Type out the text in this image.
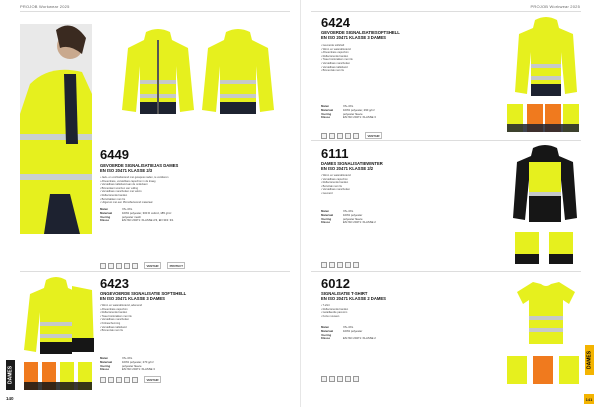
PROJOB Workwear 2025
6449
GEVOERDE SIGNALISATIEJAS DAMES
EN ISO 20471 KLASSE 2/3
• Jack- en vochtafstotend met getapete naden, te ventileren
• Afneembare, verstelbare capuchon in de kraag
• Verstelbare tailleband aan de onderkant
• Binnenkant voorzien van vulling
• Verstelbare manchetten met velcro
• Reflecterende banden
• Borstzakken met rits
• Uitgerust met een 3M-reflecterend materiaal
Maten	XS–3XL
Materiaal	100% polyester, 300 D oxford, 185 g/m²
Voering	polyester mesh
Klasse	EN ISO 20471: KLASSE 2/3, EN 343: 3/1
VENTAIR	PROTECT
6423
ONGEVOERDE SIGNALISATIE SOFTSHELL
EN ISO 20471 KLASSE 3 DAMES
• Wind- en waterafstotend, ademend
• Afneembare capuchon
• Reflecterende banden
• Twee borstzakken met rits
• Verstelbare manchetten
• Kinbescherming
• Verstelbare tailleband
• Binnenzak met rits
Maten	XS–3XL
Materiaal	100% polyester, 270 g/m²
Voering	polyester fleece
Klasse	EN ISO 20471: KLASSE 3
VENTAIR
DAMES
140
PROJOB Workwear 2025
6424
GEVOERDE SIGNALISATIESOFTSHELL
EN ISO 20471 KLASSE 3 DAMES
• Gevoerde softshell
• Wind- en waterafstotend
• Afneembare capuchon
• Reflecterende banden
• Twee borstzakken met rits
• Verstelbare manchetten
• Verstelbare tailleband
• Binnenzak met rits
Maten	XS–3XL
Materiaal	100% polyester, 290 g/m²
Voering	polyester fleece
Klasse	EN ISO 20471: KLASSE 3
VENTAIR
6111
DAMES SIGNALISATIEWINTER
EN ISO 20471 KLASSE 2/2
• Wind- en waterafstotend
• Verstelbare capuchon
• Reflecterende banden
• Borstzak met rits
• Verstelbare manchetten
• Gevoerd
Maten	XS–3XL
Materiaal	100% polyester
Voering	polyester fleece
Klasse	EN ISO 20471: KLASSE 2
6012
SIGNALISATIE T-SHIRT
EN ISO 20471 KLASSE 2 DAMES
• T-shirt
• Reflecterende banden
• Getailleerde pasvorm
• Korte mouwen
Maten	XS–3XL
Materiaal	100% polyester
Voering
Klasse	EN ISO 20471: KLASSE 2
DAMES
141
